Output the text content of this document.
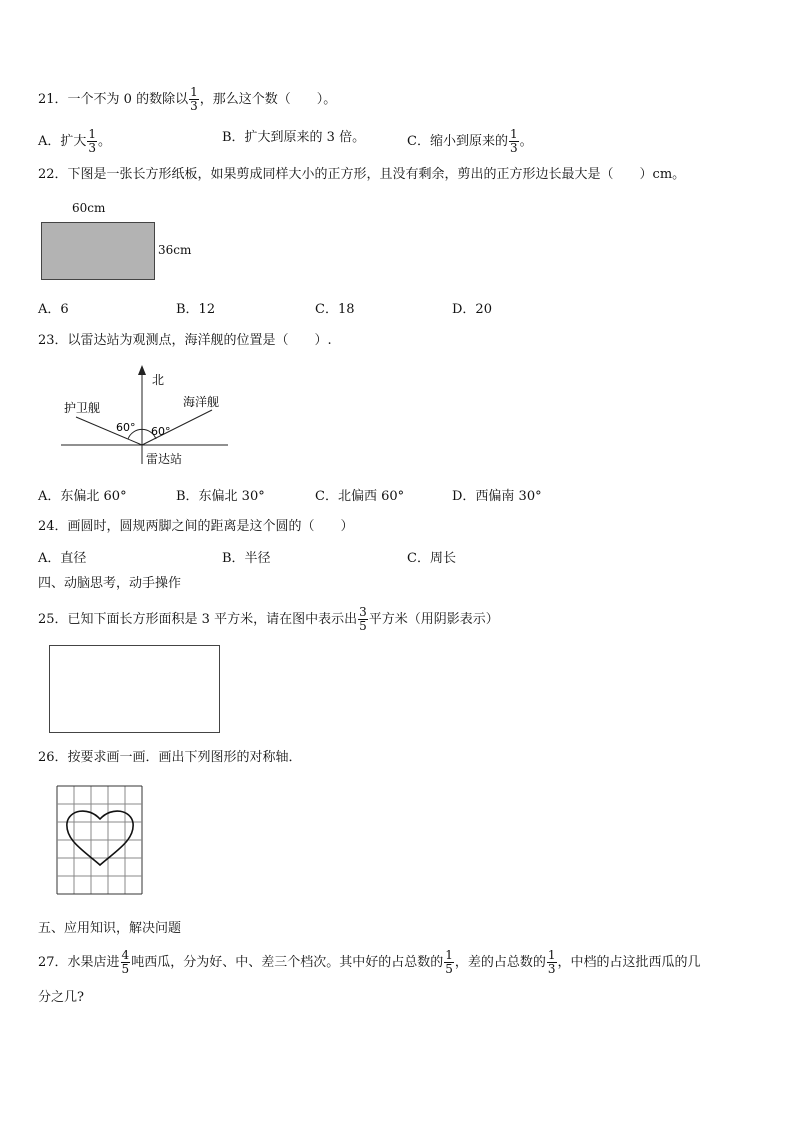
21．一个不为 0 的数除以 $\frac{1}{3}$ ，那么这个数（　　）。
A．扩大 $\frac{1}{3}$ 。	B．扩大到原来的 3 倍。	C．缩小到原来的 $\frac{1}{3}$ 。
22．下图是一张长方形纸板，如果剪成同样大小的正方形，且没有剩余，剪出的正方形边长最大是（　　）cm。
60cm
36cm
A．6	B．12	C．18	D．20
23．以雷达站为观测点，海洋舰的位置是（　　）.
北
护卫舰	海洋舰
60° 60°
雷达站
A．东偏北 60°	B．东偏北 30°	C．北偏西 60°	D．西偏南 30°
24．画圆时，圆规两脚之间的距离是这个圆的（　　）
A．直径	B．半径	C．周长
四、动脑思考，动手操作
25．已知下面长方形面积是 3 平方米，请在图中表示出 $\frac{3}{5}$ 平方米（用阴影表示）
26．按要求画一画．画出下列图形的对称轴．
五、应用知识，解决问题
27．水果店进 $\frac{4}{5}$ 吨西瓜，分为好、中、差三个档次。其中好的占总数的 $\frac{1}{5}$ ，差的占总数的 $\frac{1}{3}$ ，中档的占这批西瓜的几
分之几?
